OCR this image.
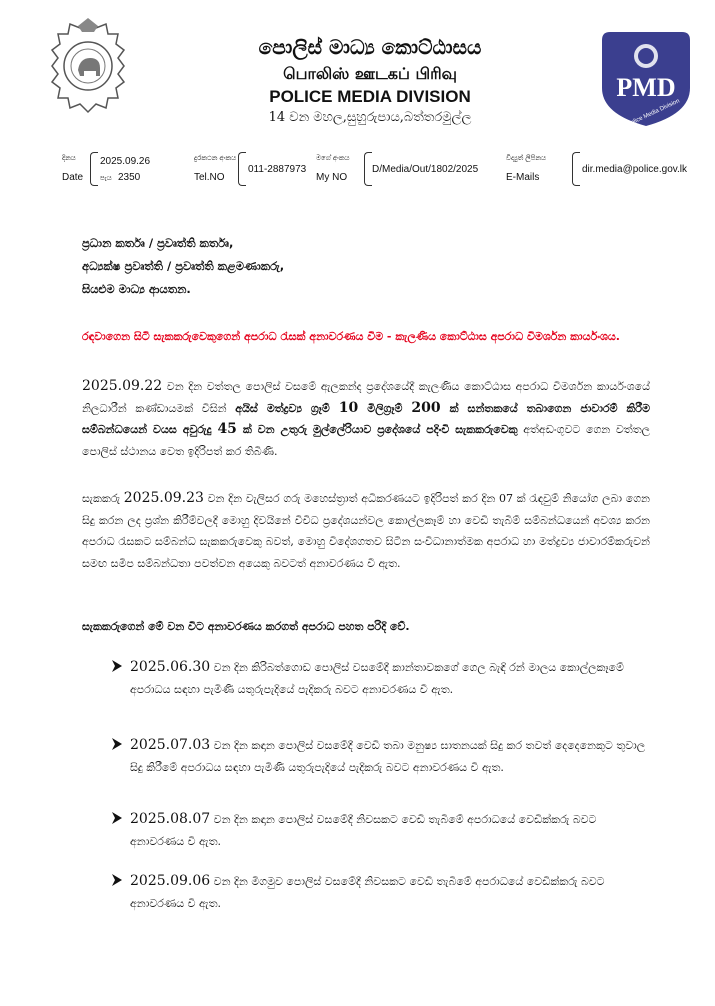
පොලිස් මාධ්‍ය කොට්ඨාසය

பொலிஸ் ஊடகப் பிரிவு

POLICE MEDIA DIVISION

14 වන මහල,සුහුරුපාය,බත්තරමුල්ල

PMD
Police Media Division
දිනය
Date
2025.09.26
පැය 2350
දුරකථන අංකය
Tel.NO
011-2887973
මගේ අංකය
My NO
D/Media/Out/1802/2025
විද්‍යුත් ලිපිනය
E-Mails
dir.media@police.gov.lk
ප්‍රධාන කර්තෘ / ප්‍රවෘත්ති කර්තෘ,
අධ්‍යක්ෂ ප්‍රවෘත්ති / ප්‍රවෘත්ති කළමණාකරු,
සියළුම මාධ්‍ය ආයතන.
රඳවාගෙන සිටි සැකකරුවෙකුගෙන් අපරාධ රැසක් අනාවරණය වීම - කැලණිය කොට්ඨාස අපරාධ විමර්ශන කාර්යංශය.
2025.09.22 වන දින වත්තල පොලිස් වසමේ ඇලකන්ද ප්‍රදේශයේදී කැලණිය කොට්ඨාස අපරාධ විමර්ශන කාර්යංශයේ නිලධාරීන් කණ්ඩායමක් විසින් අයිස් මත්ද්‍රව්‍ය ග්‍රෑම් 10 මිලිග්‍රෑම් 200 ක් සන්තකයේ තබාගෙන ජාවාරම් කිරීම සම්බන්ධයෙන් වයස අවුරුදු 45 ක් වන උතුරු මුල්ලේරියාව ප්‍රදේශයේ පදිංචි සැකකරුවෙකු අත්අඩංගුවට ගෙන වත්තල පොලිස් ස්ථානය වෙත ඉදිරිපත් කර තිබිණි.
සැකකරු 2025.09.23 වන දින වැලිසර ගරු මහෙස්ත්‍රාත් අධිකරණයට ඉදිරිපත් කර දින 07 ක් රැඳවුම් නියෝග ලබා ගෙන සිදු කරන ලද ප්‍රශ්න කිරීම්වලදී මොහු දිවයිනේ විවිධ ප්‍රදේශයන්වල කොල්ලකෑම් හා වෙඩි තැබීම් සම්බන්ධයෙන් අවශ්‍ය කරන අපරාධ රැසකට සම්බන්ධ සැකකරුවෙකු බවත්, මොහු විදේශගතව සිටින සංවිධානාත්මක අපරාධ හා මත්ද්‍රව්‍ය ජාවාරම්කරුවන් සමඟ සමීප සම්බන්ධතා පවත්වන අයෙකු බවටත් අනාවරණය වී ඇත.
සැකකරුගෙන් මේ වන විට අනාවරණය කරගත් අපරාධ පහත පරිදි වේ.
2025.06.30 වන දින කිරිබත්ගොඩ පොලිස් වසමේදී කාන්තාවකගේ ගෙල බැඳි රන් මාලය කොල්ලකෑමේ අපරාධය සඳහා පැමිණි යතුරුපැදියේ පැදිකරු බවට අනාවරණය වී ඇත.
2025.07.03 වන දින කඳාන පොලිස් වසමේදී වෙඩි තබා මනුෂ්‍ය ඝාතනයක් සිදු කර තවත් දෙදෙනෙකුට තුවාල සිදු කිරීමේ අපරාධය සඳහා පැමිණි යතුරුපැදියේ පැදිකරු බවට අනාවරණය වී ඇත.
2025.08.07 වන දින කඳාන පොලිස් වසමේදී නිවසකට වෙඩි තැබීමේ අපරාධයේ වෙඩික්කරු බවට අනාවරණය වී ඇත.
2025.09.06 වන දින මීගමුව පොලිස් වසමේදී නිවසකට වෙඩි තැබීමේ අපරාධයේ වෙඩික්කරු බවට අනාවරණය වී ඇත.
